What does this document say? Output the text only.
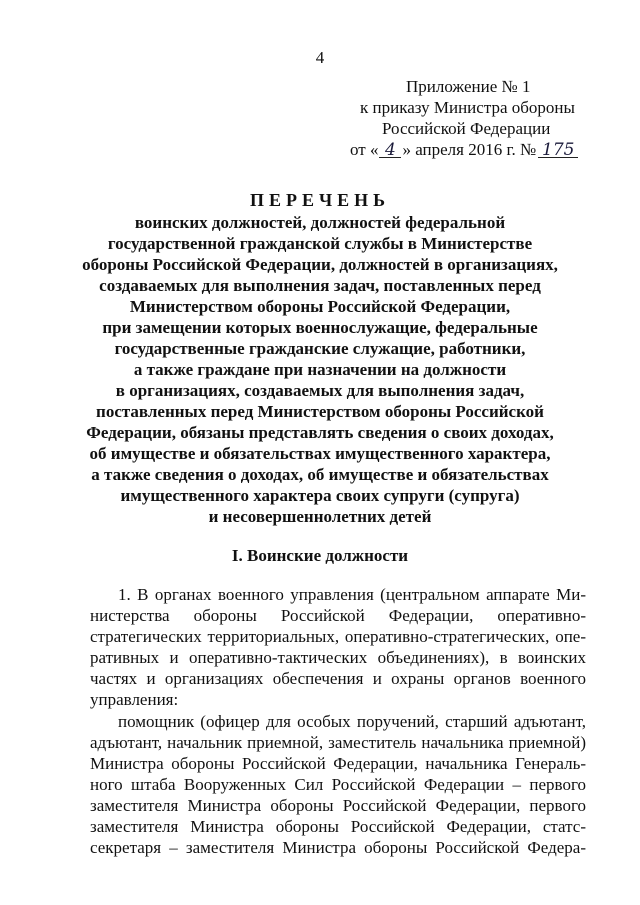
4
Приложение № 1
к приказу Министра обороны
Российской Федерации
от « 4 » апреля 2016 г. № 175
ПЕРЕЧЕНЬ
воинских должностей, должностей федеральной
государственной гражданской службы в Министерстве
обороны Российской Федерации, должностей в организациях,
создаваемых для выполнения задач, поставленных перед
Министерством обороны Российской Федерации,
при замещении которых военнослужащие, федеральные
государственные гражданские служащие, работники,
а также граждане при назначении на должности
в организациях, создаваемых для выполнения задач,
поставленных перед Министерством обороны Российской
Федерации, обязаны представлять сведения о своих доходах,
об имуществе и обязательствах имущественного характера,
а также сведения о доходах, об имуществе и обязательствах
имущественного характера своих супруги (супруга)
и несовершеннолетних детей
I. Воинские должности
1. В органах военного управления (центральном аппарате Ми-
нистерства обороны Российской Федерации, оперативно-
стратегических территориальных, оперативно-стратегических, опе-
ративных и оперативно-тактических объединениях), в воинских
частях и организациях обеспечения и охраны органов военного
управления:
помощник (офицер для особых поручений, старший адъютант,
адъютант, начальник приемной, заместитель начальника приемной)
Министра обороны Российской Федерации, начальника Генераль-
ного штаба Вооруженных Сил Российской Федерации – первого
заместителя Министра обороны Российской Федерации, первого
заместителя Министра обороны Российской Федерации, статс-
секретаря – заместителя Министра обороны Российской Федера-
